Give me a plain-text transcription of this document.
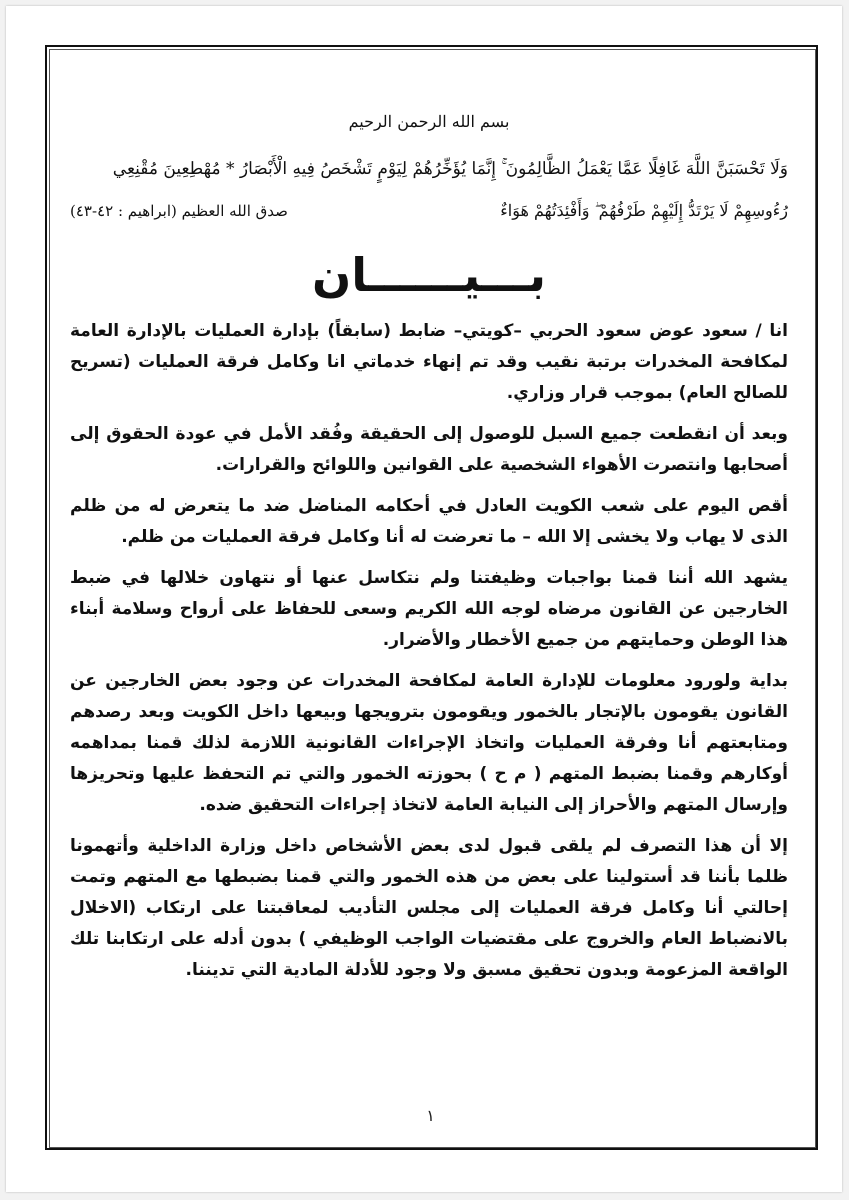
بسم الله الرحمن الرحيم
وَلَا تَحْسَبَنَّ اللَّهَ غَافِلًا عَمَّا يَعْمَلُ الظَّالِمُونَ ۚ إِنَّمَا يُؤَخِّرُهُمْ لِيَوْمٍ تَشْخَصُ فِيهِ الْأَبْصَارُ * مُهْطِعِينَ مُقْنِعِي
رُءُوسِهِمْ لَا يَرْتَدُّ إِلَيْهِمْ طَرْفُهُمْ ۖ وَأَفْئِدَتُهُمْ هَوَاءٌ
صدق الله العظيم (ابراهيم : ٤٢-٤٣)
بـــيــــــان

انا / سعود عوض سعود الحربي –كويتي– ضابط (سابقاً) بإدارة العمليات بالإدارة العامة لمكافحة المخدرات برتبة نقيب وقد تم إنهاء خدماتي انا وكامل فرقة العمليات (تسريح للصالح العام) بموجب قرار وزاري.

وبعد أن انقطعت جميع السبل للوصول إلى الحقيقة وفُقد الأمل في عودة الحقوق إلى أصحابها وانتصرت الأهواء الشخصية على القوانين واللوائح والقرارات.

أقص اليوم على شعب الكويت العادل في أحكامه المناضل ضد ما يتعرض له من ظلم الذى لا يهاب ولا يخشى إلا الله – ما تعرضت له أنا وكامل فرقة العمليات من ظلم.

يشهد الله أننا قمنا بواجبات وظيفتنا ولم نتكاسل عنها أو نتهاون خلالها في ضبط الخارجين عن القانون مرضاه لوجه الله الكريم وسعى للحفاظ على أرواح وسلامة أبناء هذا الوطن وحمايتهم من جميع الأخطار والأضرار.

بداية ولورود معلومات للإدارة العامة لمكافحة المخدرات عن وجود بعض الخارجين عن القانون يقومون بالإتجار بالخمور ويقومون بترويجها وبيعها داخل الكويت وبعد رصدهم ومتابعتهم أنا وفرقة العمليات واتخاذ الإجراءات القانونية اللازمة لذلك قمنا بمداهمه أوكارهم وقمنا بضبط المتهم ( م ح ) بحوزته الخمور والتي تم التحفظ عليها وتحريزها وإرسال المتهم والأحراز إلى النيابة العامة لاتخاذ إجراءات التحقيق ضده.

إلا أن هذا التصرف لم يلقى قبول لدى بعض الأشخاص داخل وزارة الداخلية وأتهمونا ظلما بأننا قد أستولينا على بعض من هذه الخمور والتي قمنا بضبطها مع المتهم وتمت إحالتي أنا وكامل فرقة العمليات إلى مجلس التأديب لمعاقبتنا على ارتكاب (الاخلال بالانضباط العام والخروج على مقتضيات الواجب الوظيفي ) بدون أدله على ارتكابنا تلك الواقعة المزعومة وبدون تحقيق مسبق ولا وجود للأدلة المادية التي تديننا.

١
